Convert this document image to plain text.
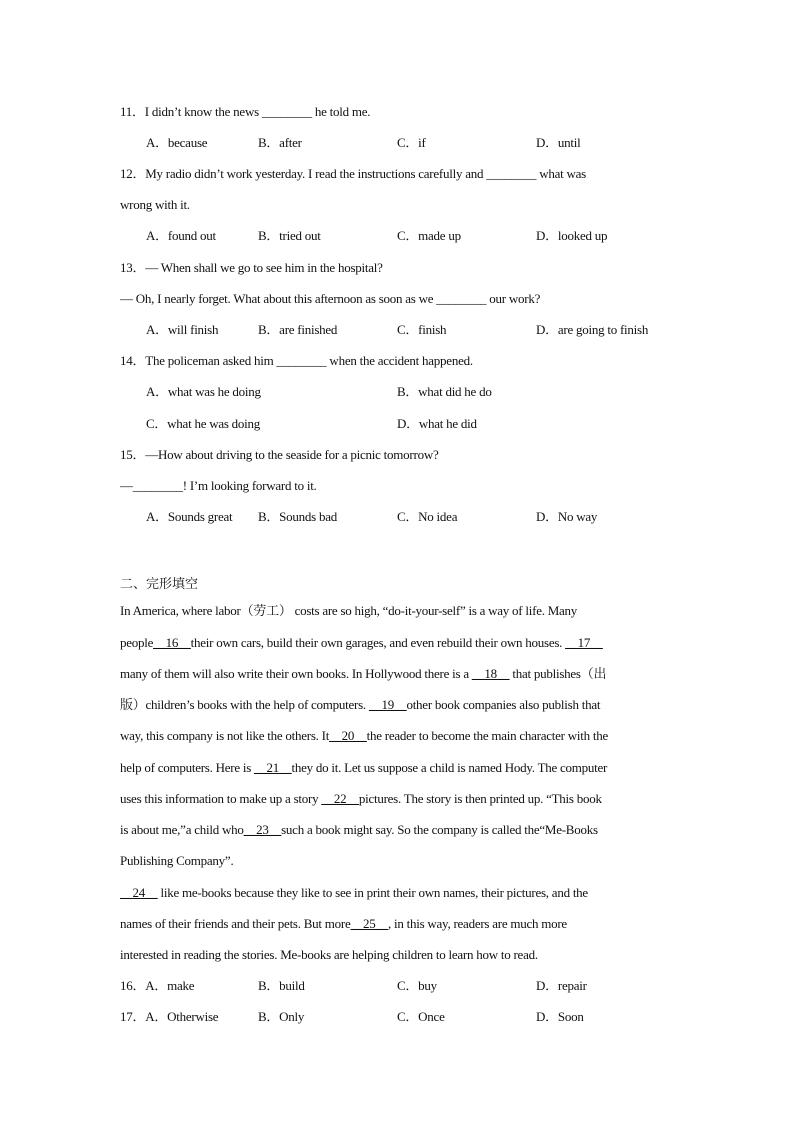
11．I didn’t know the news ________ he told me.
A．because	B．after	C．if	D．until
12．My radio didn’t work yesterday. I read the instructions carefully and ________ what was
wrong with it.
A．found out	B．tried out	C．made up	D．looked up
13．— When shall we go to see him in the hospital?
— Oh, I nearly forget. What about this afternoon as soon as we ________ our work?
A．will finish	B．are finished	C．finish	D．are going to finish
14．The policeman asked him ________ when the accident happened.
A．what was he doing	B．what did he do
C．what he was doing	D．what he did
15．—How about driving to the seaside for a picnic tomorrow?
—________! I’m looking forward to it.
A．Sounds great B．Sounds bad	C．No idea	D．No way
二、完形填空
In America, where labor（劳工） costs are so high, “do-it-your-self” is a way of life. Many
people__16__their own cars, build their own garages, and even rebuild their own houses. __17__
many of them will also write their own books. In Hollywood there is a __18__ that publishes（出
版）children’s books with the help of computers. __19__other book companies also publish that
way, this company is not like the others. It__20__the reader to become the main character with the
help of computers. Here is __21__they do it. Let us suppose a child is named Hody. The computer
uses this information to make up a story __22__pictures. The story is then printed up. “This book
is about me,”a child who__23__such a book might say. So the company is called the“Me-Books
Publishing Company”.
__24__ like me-books because they like to see in print their own names, their pictures, and the
names of their friends and their pets. But more__25__, in this way, readers are much more
interested in reading the stories. Me-books are helping children to learn how to read.
16．A．make	B．build	C．buy	D．repair
17．A．Otherwise	B．Only	C．Once	D．Soon
